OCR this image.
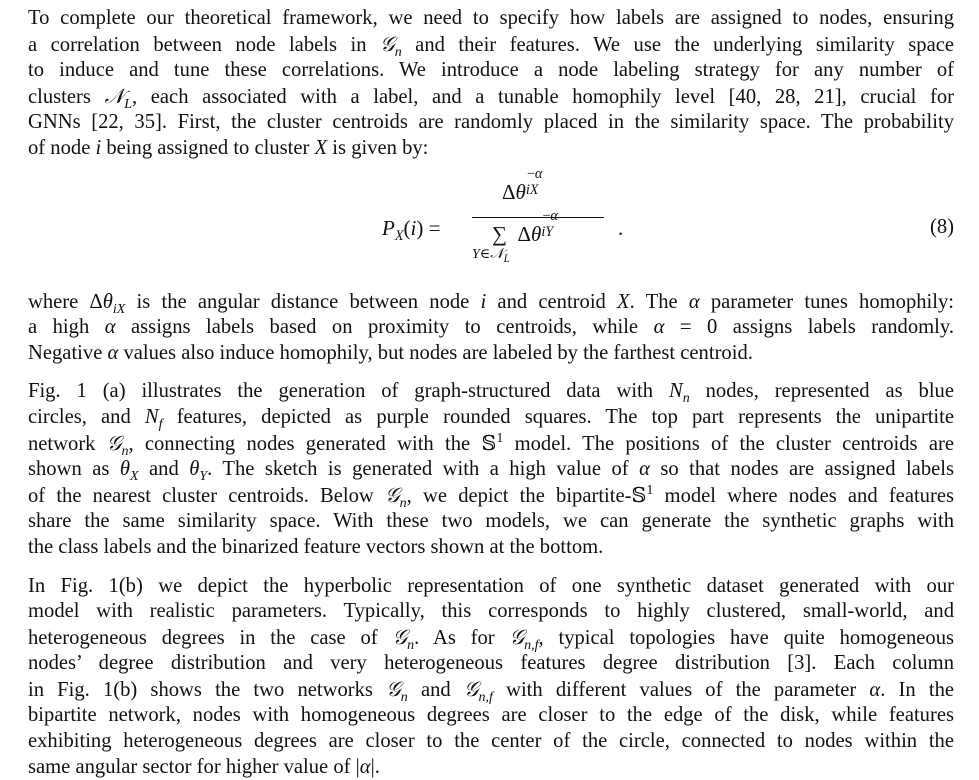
To complete our theoretical framework, we need to specify how labels are assigned to nodes, ensuring
a correlation between node labels in 𝒢$_n$ and their features. We use the underlying similarity space
to induce and tune these correlations. We introduce a node labeling strategy for any number of
clusters 𝒩$_L$, each associated with a label, and a tunable homophily level [40, 28, 21], crucial for
GNNs [22, 35]. First, the cluster centroids are randomly placed in the similarity space. The probability
of node i being assigned to cluster X is given by:

$P_X(i)$ =
Δθ
−α
iX
∑  Δθ
−α
iY
Y∈𝒩$_L$
.	(8)

where $\Delta\theta_{iX}$ is the angular distance between node i and centroid X. The α parameter tunes homophily:
a high α assigns labels based on proximity to centroids, while α = 0 assigns labels randomly.
Negative α values also induce homophily, but nodes are labeled by the farthest centroid.

Fig. 1 (a) illustrates the generation of graph-structured data with $N_n$ nodes, represented as blue
circles, and $N_f$ features, depicted as purple rounded squares. The top part represents the unipartite
network 𝒢$_n$, connecting nodes generated with the 𝕊$^1$ model. The positions of the cluster centroids are
shown as $\theta_X$ and $\theta_Y$. The sketch is generated with a high value of α so that nodes are assigned labels
of the nearest cluster centroids. Below 𝒢$_n$, we depict the bipartite-𝕊$^1$ model where nodes and features
share the same similarity space. With these two models, we can generate the synthetic graphs with
the class labels and the binarized feature vectors shown at the bottom.

In Fig. 1(b) we depict the hyperbolic representation of one synthetic dataset generated with our
model with realistic parameters. Typically, this corresponds to highly clustered, small-world, and
heterogeneous degrees in the case of 𝒢$_n$. As for 𝒢$_{n,f}$, typical topologies have quite homogeneous
nodes’ degree distribution and very heterogeneous features degree distribution [3]. Each column
in Fig. 1(b) shows the two networks 𝒢$_n$ and 𝒢$_{n,f}$ with different values of the parameter α. In the
bipartite network, nodes with homogeneous degrees are closer to the edge of the disk, while features
exhibiting heterogeneous degrees are closer to the center of the circle, connected to nodes within the
same angular sector for higher value of |α|.
